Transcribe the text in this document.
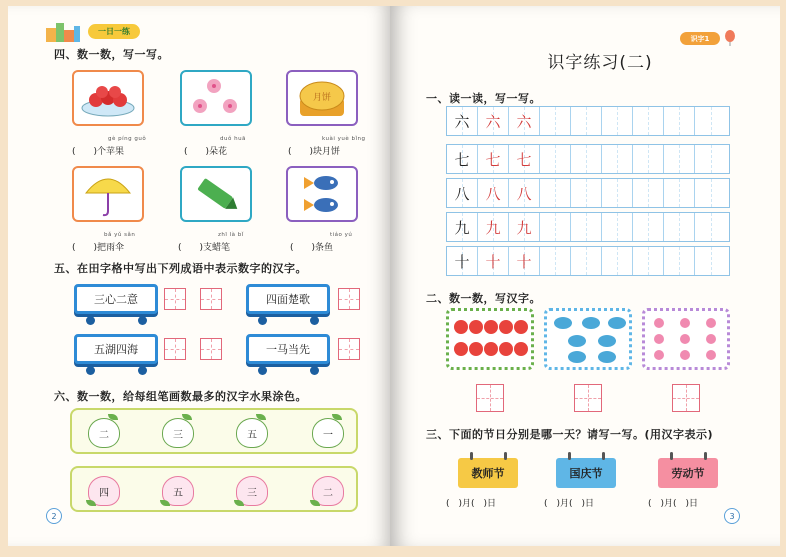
一日一练
四、数一数，写一写。
月饼
gè píng guǒ	duǒ huā	kuài yuè bǐng
(　　)个苹果	(　　)朵花	(　　)块月饼
bǎ yǔ sǎn	zhī là bǐ	tiáo yú
(　　)把雨伞	(　　)支蜡笔	(　　)条鱼
五、在田字格中写出下列成语中表示数字的汉字。
三心二意	四面楚歌
五湖四海	一马当先
六、数一数，给每组笔画数最多的汉字水果涂色。
二	三	五	一
四	五	三	二
2
识字1
识字练习(二)
一、读一读，写一写。
六 六 六
七 七 七
八 八 八
九 九 九
十 十 十
二、数一数，写汉字。
三、下面的节日分别是哪一天？请写一写。(用汉字表示)
教师节	国庆节	劳动节
(　)月(　)日	(　)月(　)日	(　)月(　)日
3
